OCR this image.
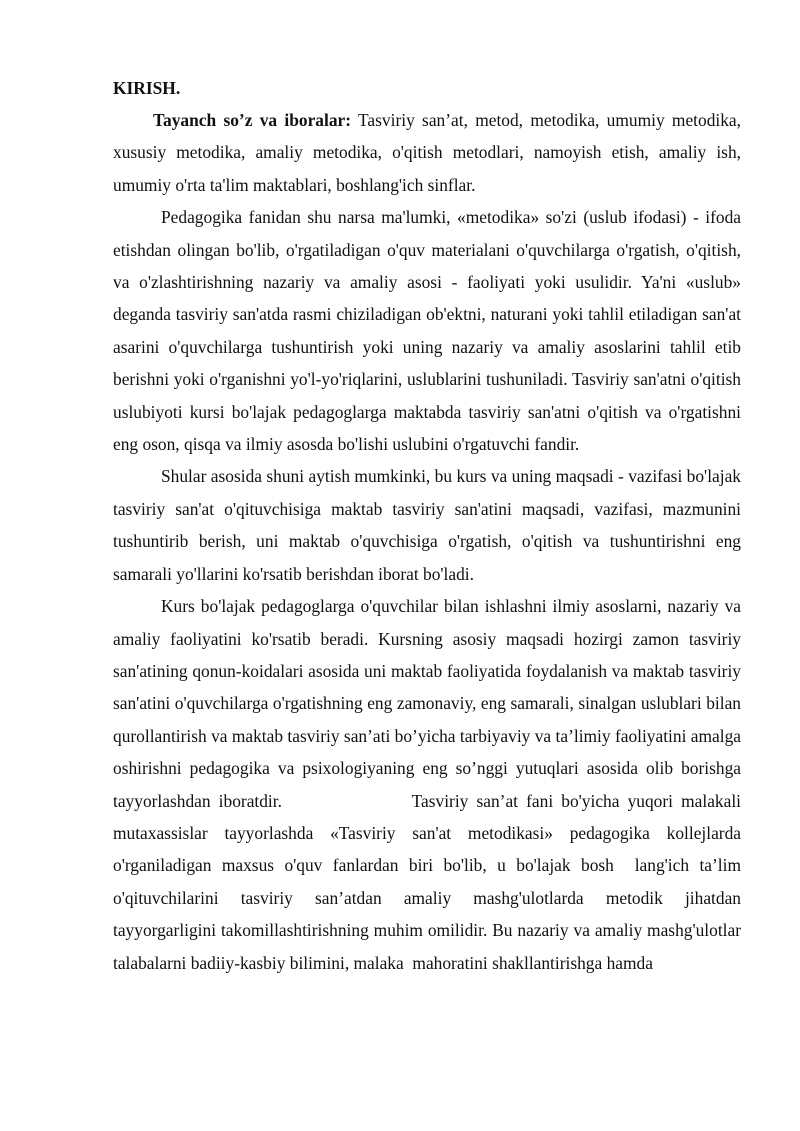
KIRISH.

Tayanch so’z va iboralar: Tasviriy san’at, metod, metodika, umumiy metodika, xususiy metodika, amaliy metodika, o'qitish metodlari, namoyish etish, amaliy ish, umumiy o'rta ta'lim maktablari, boshlang'ich sinflar.

Pedagogika fanidan shu narsa ma'lumki, «metodika» so'zi (uslub ifodasi) - ifoda etishdan olingan bo'lib, o'rgatiladigan o'quv materialani o'quvchilarga o'rgatish, o'qitish, va o'zlashtirishning nazariy va amaliy asosi - faoliyati yoki usulidir. Ya'ni «uslub» deganda tasviriy san'atda rasmi chiziladigan ob'ektni, naturani yoki tahlil etiladigan san'at asarini o'quvchilarga tushuntirish yoki uning nazariy va amaliy asoslarini tahlil etib berishni yoki o'rganishni yo'l-yo'riqlarini, uslublarini tushuniladi. Tasviriy san'atni o'qitish uslubiyoti kursi bo'lajak pedagoglarga maktabda tasviriy san'atni o'qitish va o'rgatishni eng oson, qisqa va ilmiy asosda bo'lishi uslubini o'rgatuvchi fandir.

Shular asosida shuni aytish mumkinki, bu kurs va uning maqsadi - vazifasi bo'lajak tasviriy san'at o'qituvchisiga maktab tasviriy san'atini maqsadi, vazifasi, mazmunini tushuntirib berish, uni maktab o'quvchisiga o'rgatish, o'qitish va tushuntirishni eng samarali yo'llarini ko'rsatib berishdan iborat bo'ladi.

Kurs bo'lajak pedagoglarga o'quvchilar bilan ishlashni ilmiy asoslarni, nazariy va amaliy faoliyatini ko'rsatib beradi. Kursning asosiy maqsadi hozirgi zamon tasviriy san'atining qonun-koidalari asosida uni maktab faoliyatida foydalanish va maktab tasviriy san'atini o'quvchilarga o'rgatishning eng zamonaviy, eng samarali, sinalgan uslublari bilan qurollantirish va maktab tasviriy san’ati bo’yicha tarbiyaviy va ta’limiy faoliyatini amalga oshirishni pedagogika va psixologiyaning eng so’nggi yutuqlari asosida olib borishga tayyorlashdan iboratdir.                Tasviriy san’at fani bo'yicha yuqori malakali mutaxassislar tayyorlashda «Tasviriy san'at metodikasi» pedagogika kollejlarda o'rganiladigan maxsus o'quv fanlardan biri bo'lib, u bo'lajak bosh  lang'ich ta’lim o'qituvchilarini tasviriy san’atdan amaliy mashg'ulotlarda metodik jihatdan tayyorgarligini takomillashtirishning muhim omilidir. Bu nazariy va amaliy mashg'ulotlar talabalarni badiiy-kasbiy bilimini, malaka  mahoratini shakllantirishga hamda
